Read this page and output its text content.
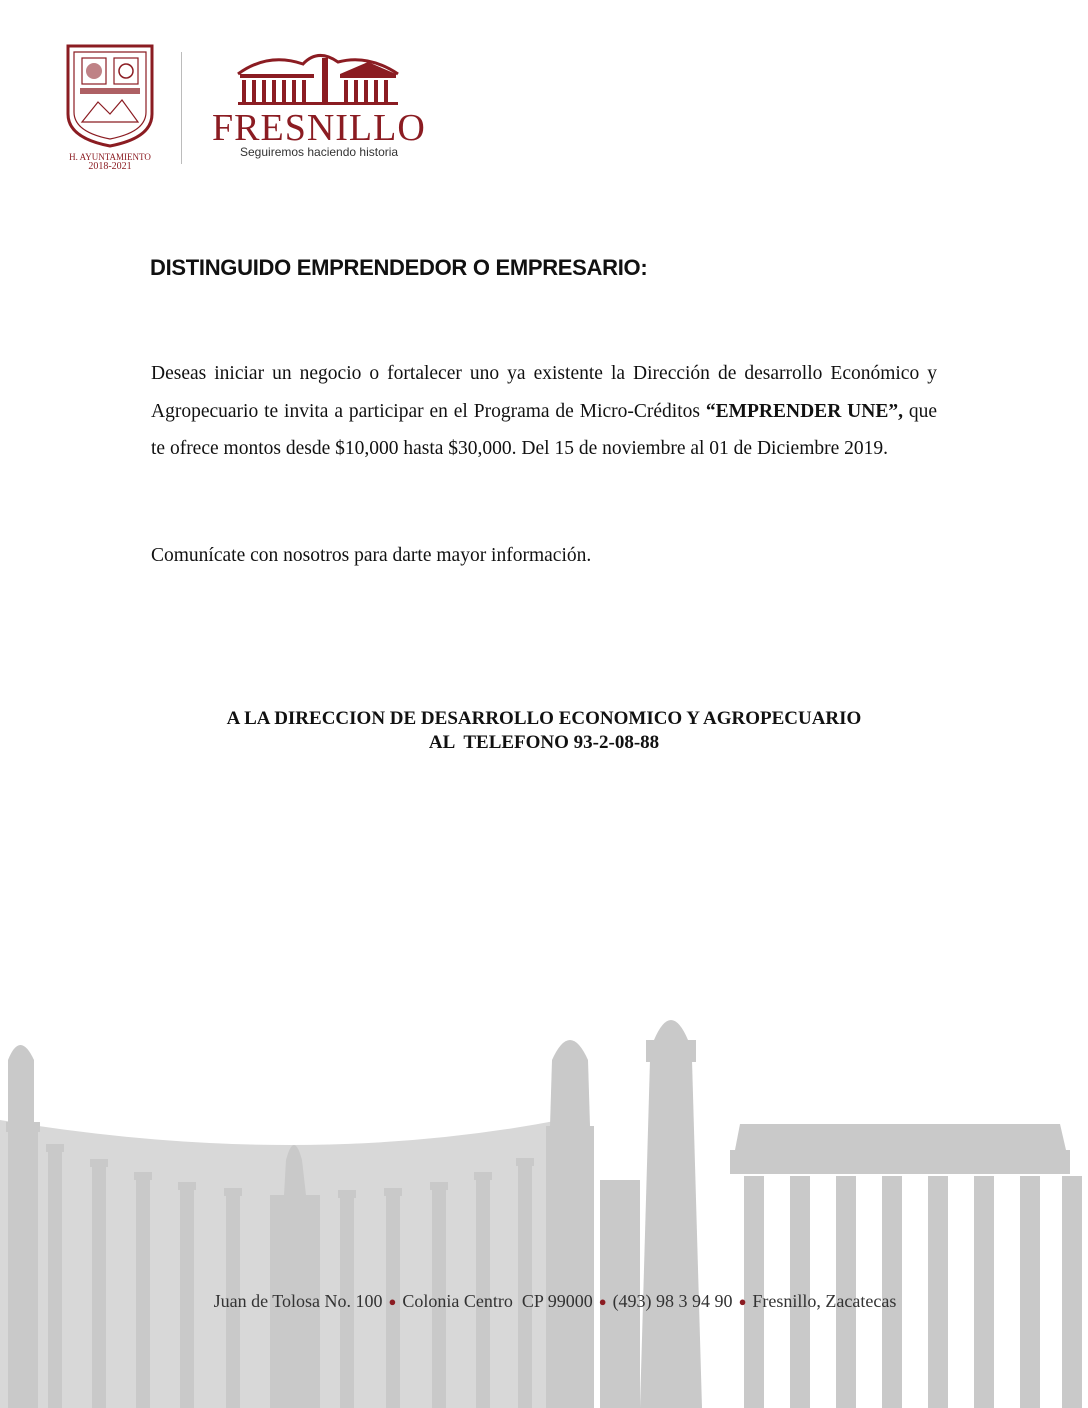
H. AYUNTAMIENTO
2018-2021
FRESNILLO
Seguiremos haciendo historia
DISTINGUIDO EMPRENDEDOR O EMPRESARIO:

Deseas iniciar un negocio o fortalecer uno ya existente la Dirección de desarrollo Económico y Agropecuario te invita a participar en el Programa de Micro-Créditos “EMPRENDER UNE”, que te ofrece montos desde $10,000 hasta $30,000. Del 15 de noviembre al 01 de Diciembre 2019.

Comunícate con nosotros para darte mayor información.

A LA DIRECCION DE DESARROLLO ECONOMICO Y AGROPECUARIO
AL  TELEFONO 93-2-08-88
Juan de Tolosa No. 100 ● Colonia Centro  CP 99000 ● (493) 98 3 94 90 ● Fresnillo, Zacatecas
